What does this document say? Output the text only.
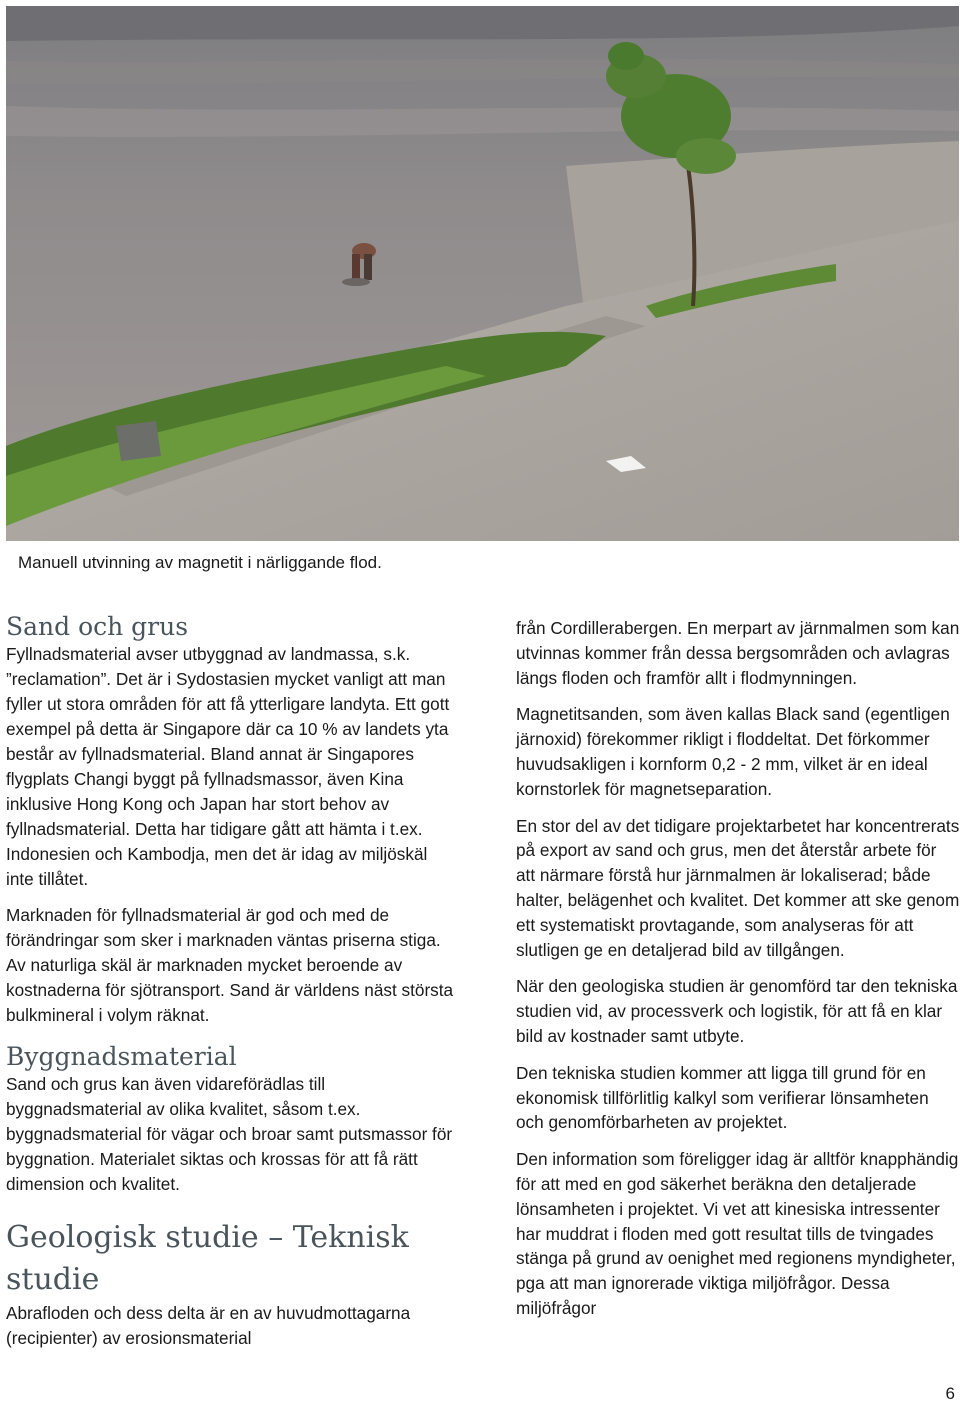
Manuell utvinning av magnetit i närliggande flod.
Sand och grus

Fyllnadsmaterial avser utbyggnad av landmassa, s.k. ”reclamation”. Det är i Sydostasien mycket vanligt att man fyller ut stora områden för att få ytterligare landyta. Ett gott exempel på detta är Singapore där ca 10 % av landets yta består av fyllnadsmaterial. Bland annat är Singapores flygplats Changi byggt på fyllnadsmassor, även Kina inklusive Hong Kong och Japan har stort behov av fyllnadsmaterial. Detta har tidigare gått att hämta i t.ex. Indonesien och Kambodja, men det är idag av miljöskäl inte tillåtet.

Marknaden för fyllnadsmaterial är god och med de förändringar som sker i marknaden väntas priserna stiga. Av naturliga skäl är marknaden mycket beroende av kostnaderna för sjötransport. Sand är världens näst största bulkmineral i volym räknat.

Byggnadsmaterial

Sand och grus kan även vidareförädlas till byggnadsmaterial av olika kvalitet, såsom t.ex. byggnadsmaterial för vägar och broar samt putsmassor för byggnation. Materialet siktas och krossas för att få rätt dimension och kvalitet.

Geologisk studie – Teknisk studie

Abrafloden och dess delta är en av huvudmottagarna (recipienter) av erosionsmaterial

från Cordillerabergen. En merpart av järnmalmen som kan utvinnas kommer från dessa bergsområden och avlagras längs floden och framför allt i flodmynningen.

Magnetitsanden, som även kallas Black sand (egentligen järnoxid) förekommer rikligt i floddeltat. Det förkommer huvudsakligen i kornform 0,2 - 2 mm, vilket är en ideal kornstorlek för magnetseparation.

En stor del av det tidigare projektarbetet har koncentrerats på export av sand och grus, men det återstår arbete för att närmare förstå hur järnmalmen är lokaliserad; både halter, belägenhet och kvalitet. Det kommer att ske genom ett systematiskt provtagande, som analyseras för att slutligen ge en detaljerad bild av tillgången.

När den geologiska studien är genomförd tar den tekniska studien vid, av processverk och logistik, för att få en klar bild av kostnader samt utbyte.

Den tekniska studien kommer att ligga till grund för en ekonomisk tillförlitlig kalkyl som verifierar lönsamheten och genomförbarheten av projektet.

Den information som föreligger idag är alltför knapphändig för att med en god säkerhet beräkna den detaljerade lönsamheten i projektet. Vi vet att kinesiska intressenter har muddrat i floden med gott resultat tills de tvingades stänga på grund av oenighet med regionens myndigheter, pga att man ignorerade viktiga miljöfrågor. Dessa miljöfrågor

6
